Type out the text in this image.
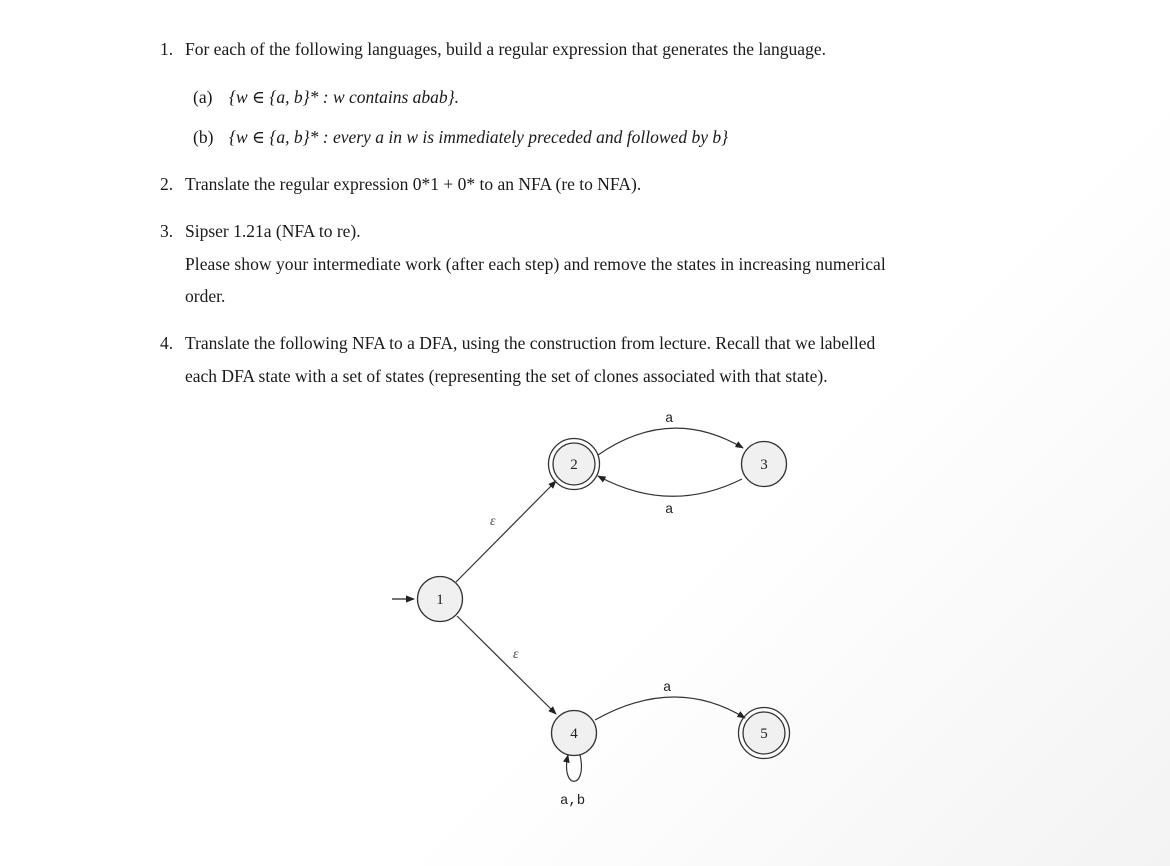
1. For each of the following languages, build a regular expression that generates the language.
(a) {w ∈ {a, b}* : w contains abab}.
(b) {w ∈ {a, b}* : every a in w is immediately preceded and followed by b}
2. Translate the regular expression 0*1 + 0* to an NFA (re to NFA).
3. Sipser 1.21a (NFA to re).
Please show your intermediate work (after each step) and remove the states in increasing numerical
order.
4. Translate the following NFA to a DFA, using the construction from lecture. Recall that we labelled
each DFA state with a set of states (representing the set of clones associated with that state).
ε
ε
a
a
a
a,b
1
2	3
4	5
